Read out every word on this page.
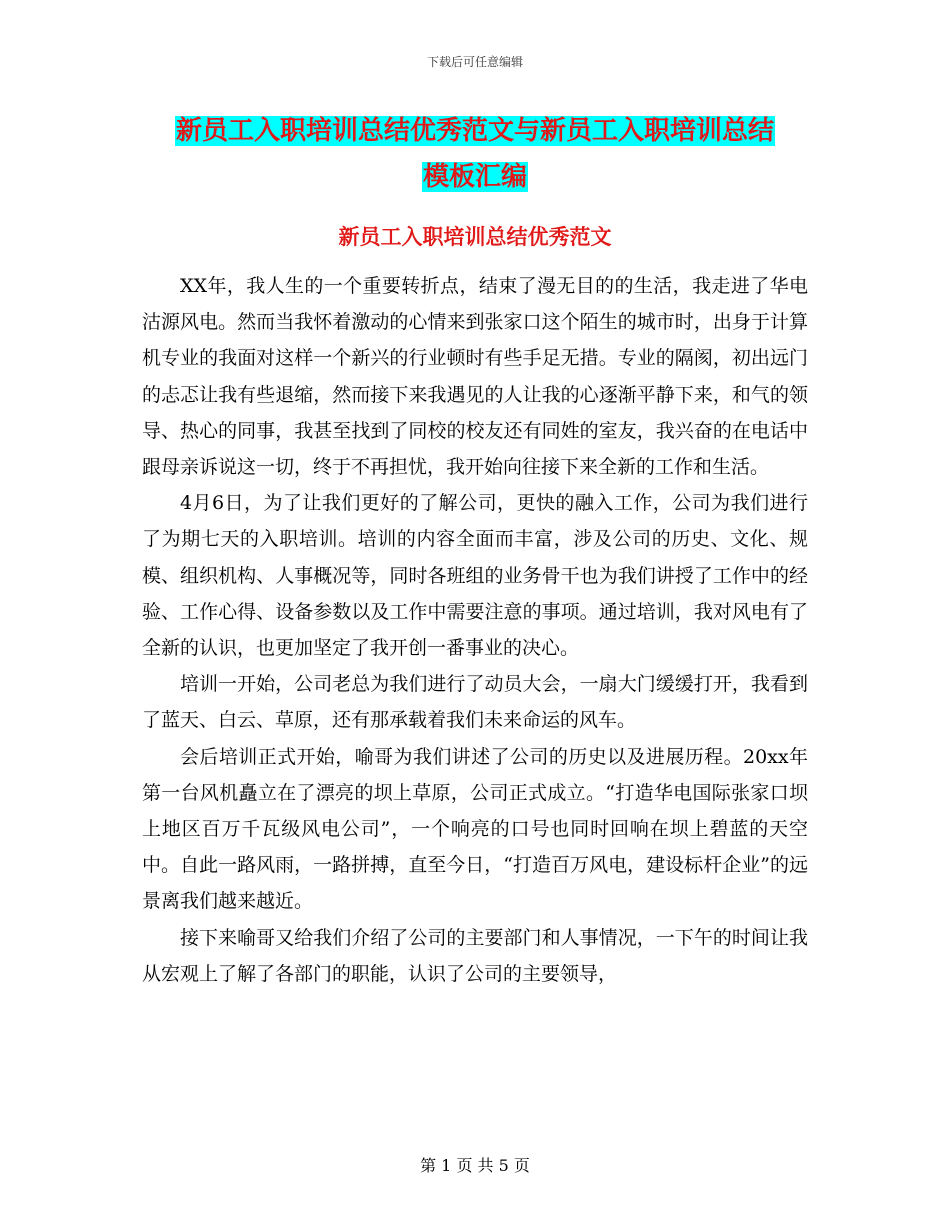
下载后可任意编辑
新员工入职培训总结优秀范文与新员工入职培训总结
模板汇编
新员工入职培训总结优秀范文

XX年，我人生的一个重要转折点，结束了漫无目的的生活，我走进了华电沽源风电。然而当我怀着激动的心情来到张家口这个陌生的城市时，出身于计算机专业的我面对这样一个新兴的行业顿时有些手足无措。专业的隔阂，初出远门的忐忑让我有些退缩，然而接下来我遇见的人让我的心逐渐平静下来，和气的领导、热心的同事，我甚至找到了同校的校友还有同姓的室友，我兴奋的在电话中跟母亲诉说这一切，终于不再担忧，我开始向往接下来全新的工作和生活。

4月6日，为了让我们更好的了解公司，更快的融入工作，公司为我们进行了为期七天的入职培训。培训的内容全面而丰富，涉及公司的历史、文化、规模、组织机构、人事概况等，同时各班组的业务骨干也为我们讲授了工作中的经验、工作心得、设备参数以及工作中需要注意的事项。通过培训，我对风电有了全新的认识，也更加坚定了我开创一番事业的决心。

培训一开始，公司老总为我们进行了动员大会，一扇大门缓缓打开，我看到了蓝天、白云、草原，还有那承载着我们未来命运的风车。

会后培训正式开始，喻哥为我们讲述了公司的历史以及进展历程。20xx年第一台风机矗立在了漂亮的坝上草原，公司正式成立。“打造华电国际张家口坝上地区百万千瓦级风电公司”，一个响亮的口号也同时回响在坝上碧蓝的天空中。自此一路风雨，一路拼搏，直至今日，“打造百万风电，建设标杆企业”的远景离我们越来越近。

接下来喻哥又给我们介绍了公司的主要部门和人事情况，一下午的时间让我从宏观上了解了各部门的职能，认识了公司的主要领导，

第 1 页 共 5 页
